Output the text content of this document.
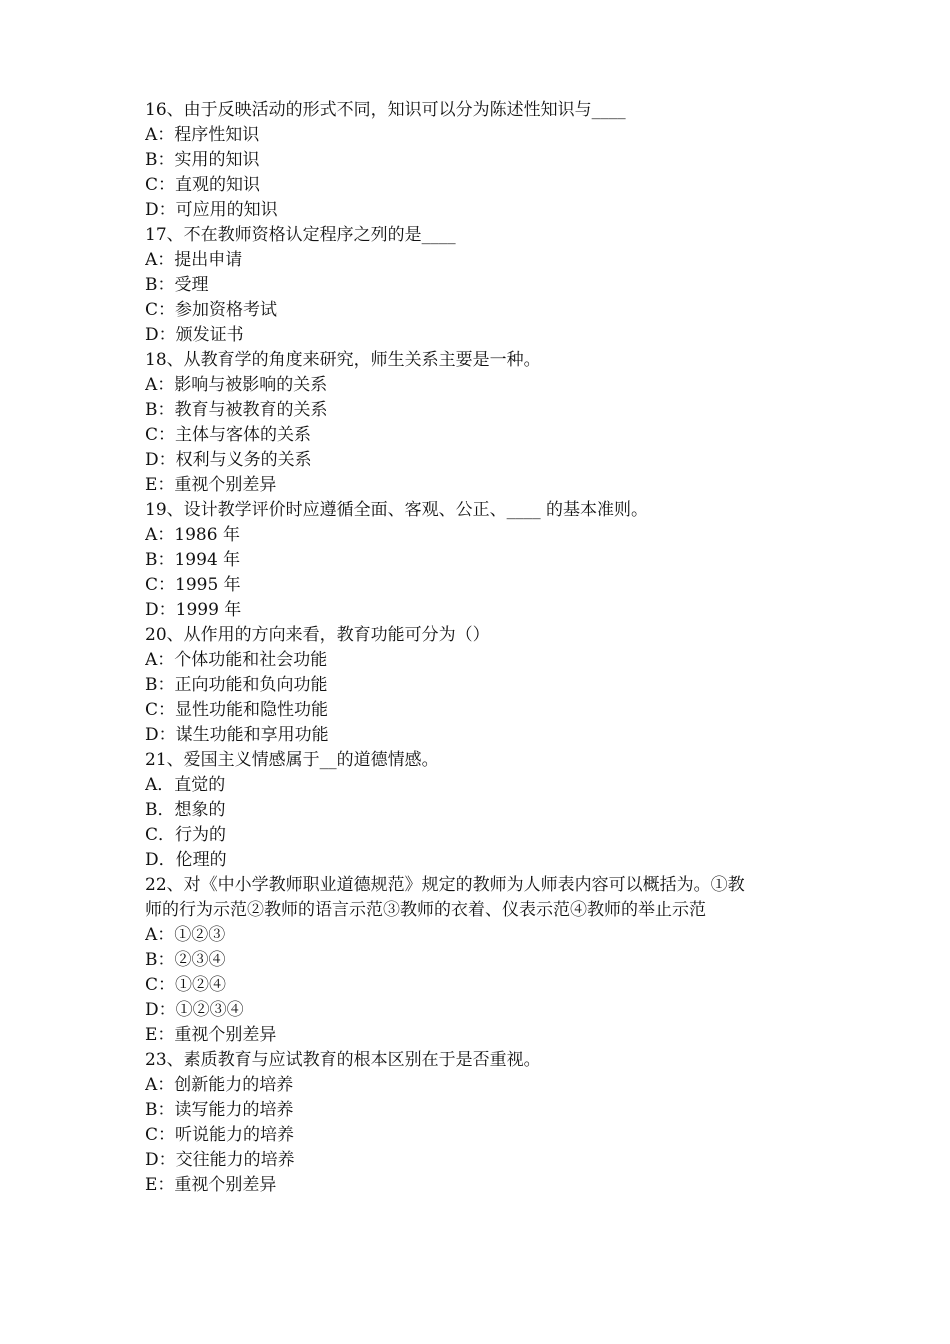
16、由于反映活动的形式不同，知识可以分为陈述性知识与____
A：程序性知识
B：实用的知识
C：直观的知识
D：可应用的知识
17、不在教师资格认定程序之列的是____
A：提出申请
B：受理
C：参加资格考试
D：颁发证书
18、从教育学的角度来研究，师生关系主要是一种。
A：影响与被影响的关系
B：教育与被教育的关系
C：主体与客体的关系
D：权利与义务的关系
E：重视个别差异
19、设计教学评价时应遵循全面、客观、公正、____ 的基本准则。
A：1986 年
B：1994 年
C：1995 年
D：1999 年
20、从作用的方向来看，教育功能可分为（）
A：个体功能和社会功能
B：正向功能和负向功能
C：显性功能和隐性功能
D：谋生功能和享用功能
21、爱国主义情感属于__的道德情感。
A．直觉的
B．想象的
C．行为的
D．伦理的
22、对《中小学教师职业道德规范》规定的教师为人师表内容可以概括为。①教
师的行为示范②教师的语言示范③教师的衣着、仪表示范④教师的举止示范
A：①②③
B：②③④
C：①②④
D：①②③④
E：重视个别差异
23、素质教育与应试教育的根本区别在于是否重视。
A：创新能力的培养
B：读写能力的培养
C：听说能力的培养
D：交往能力的培养
E：重视个别差异
